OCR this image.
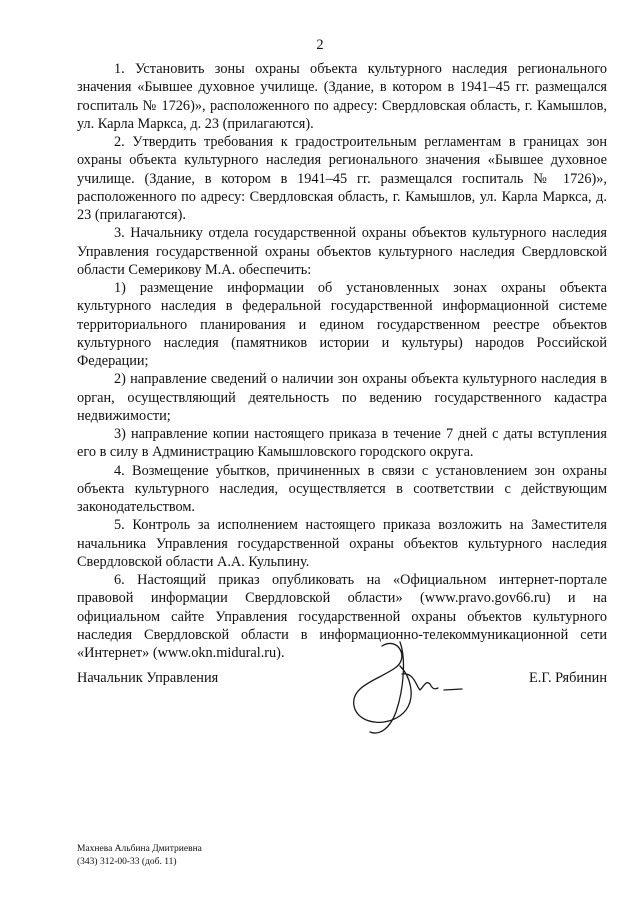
2

1. Установить зоны охраны объекта культурного наследия регионального значения «Бывшее духовное училище. (Здание, в котором в 1941–45 гг. размещался госпиталь № 1726)», расположенного по адресу: Свердловская область, г. Камышлов, ул. Карла Маркса, д. 23 (прилагаются).

2. Утвердить требования к градостроительным регламентам в границах зон охраны объекта культурного наследия регионального значения «Бывшее духовное училище. (Здание, в котором в 1941–45 гг. размещался госпиталь № 1726)», расположенного по адресу: Свердловская область, г. Камышлов, ул. Карла Маркса, д. 23 (прилагаются).

3. Начальнику отдела государственной охраны объектов культурного наследия Управления государственной охраны объектов культурного наследия Свердловской области Семерикову М.А. обеспечить:

1) размещение информации об установленных зонах охраны объекта культурного наследия в федеральной государственной информационной системе территориального планирования и едином государственном реестре объектов культурного наследия (памятников истории и культуры) народов Российской Федерации;

2) направление сведений о наличии зон охраны объекта культурного наследия в орган, осуществляющий деятельность по ведению государственного кадастра недвижимости;

3) направление копии настоящего приказа в течение 7 дней с даты вступления его в силу в Администрацию Камышловского городского округа.

4. Возмещение убытков, причиненных в связи с установлением зон охраны объекта культурного наследия, осуществляется в соответствии с действующим законодательством.

5. Контроль за исполнением настоящего приказа возложить на Заместителя начальника Управления государственной охраны объектов культурного наследия Свердловской области А.А. Кульпину.

6. Настоящий приказ опубликовать на «Официальном интернет-портале правовой информации Свердловской области» (www.pravo.gov66.ru) и на официальном сайте Управления государственной охраны объектов культурного наследия Свердловской области в информационно-телекоммуникационной сети «Интернет» (www.okn.midural.ru).

Начальник Управления	Е.Г. Рябинин
Махнева Альбина Дмитриевна
(343) 312-00-33 (доб. 11)
